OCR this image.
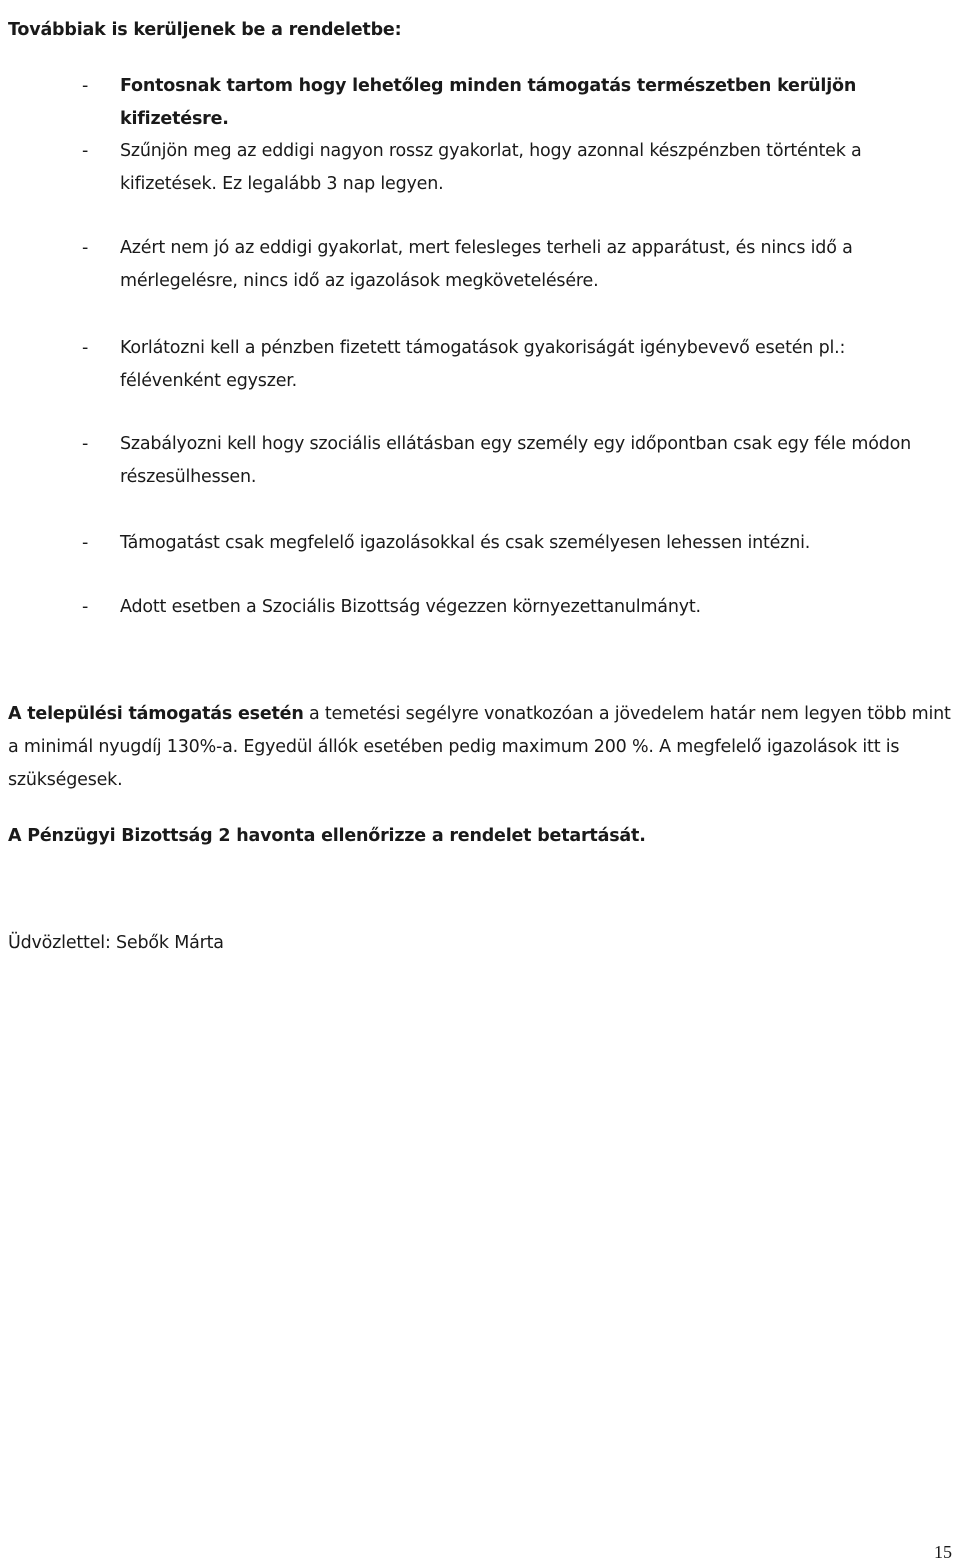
Továbbiak is kerüljenek be a rendeletbe:
- Fontosnak tartom hogy lehetőleg minden támogatás természetben kerüljön kifizetésre.
- Szűnjön meg az eddigi nagyon rossz gyakorlat, hogy azonnal készpénzben történtek a kifizetések. Ez legalább 3 nap legyen.
- Azért nem jó az eddigi gyakorlat, mert felesleges terheli az apparátust, és nincs idő a mérlegelésre, nincs idő az igazolások megkövetelésére.
- Korlátozni kell a pénzben fizetett támogatások gyakoriságát igénybevevő esetén pl.: félévenként egyszer.
- Szabályozni kell hogy szociális ellátásban egy személy egy időpontban csak egy féle módon részesülhessen.
- Támogatást csak megfelelő igazolásokkal és csak személyesen lehessen intézni.
- Adott esetben a Szociális Bizottság végezzen környezettanulmányt.
A települési támogatás esetén a temetési segélyre vonatkozóan a jövedelem határ nem legyen több mint a minimál nyugdíj 130%-a. Egyedül állók esetében pedig maximum 200 %. A megfelelő igazolások itt is szükségesek.
A Pénzügyi Bizottság 2 havonta ellenőrizze a rendelet betartását.
Üdvözlettel: Sebők Márta
15
